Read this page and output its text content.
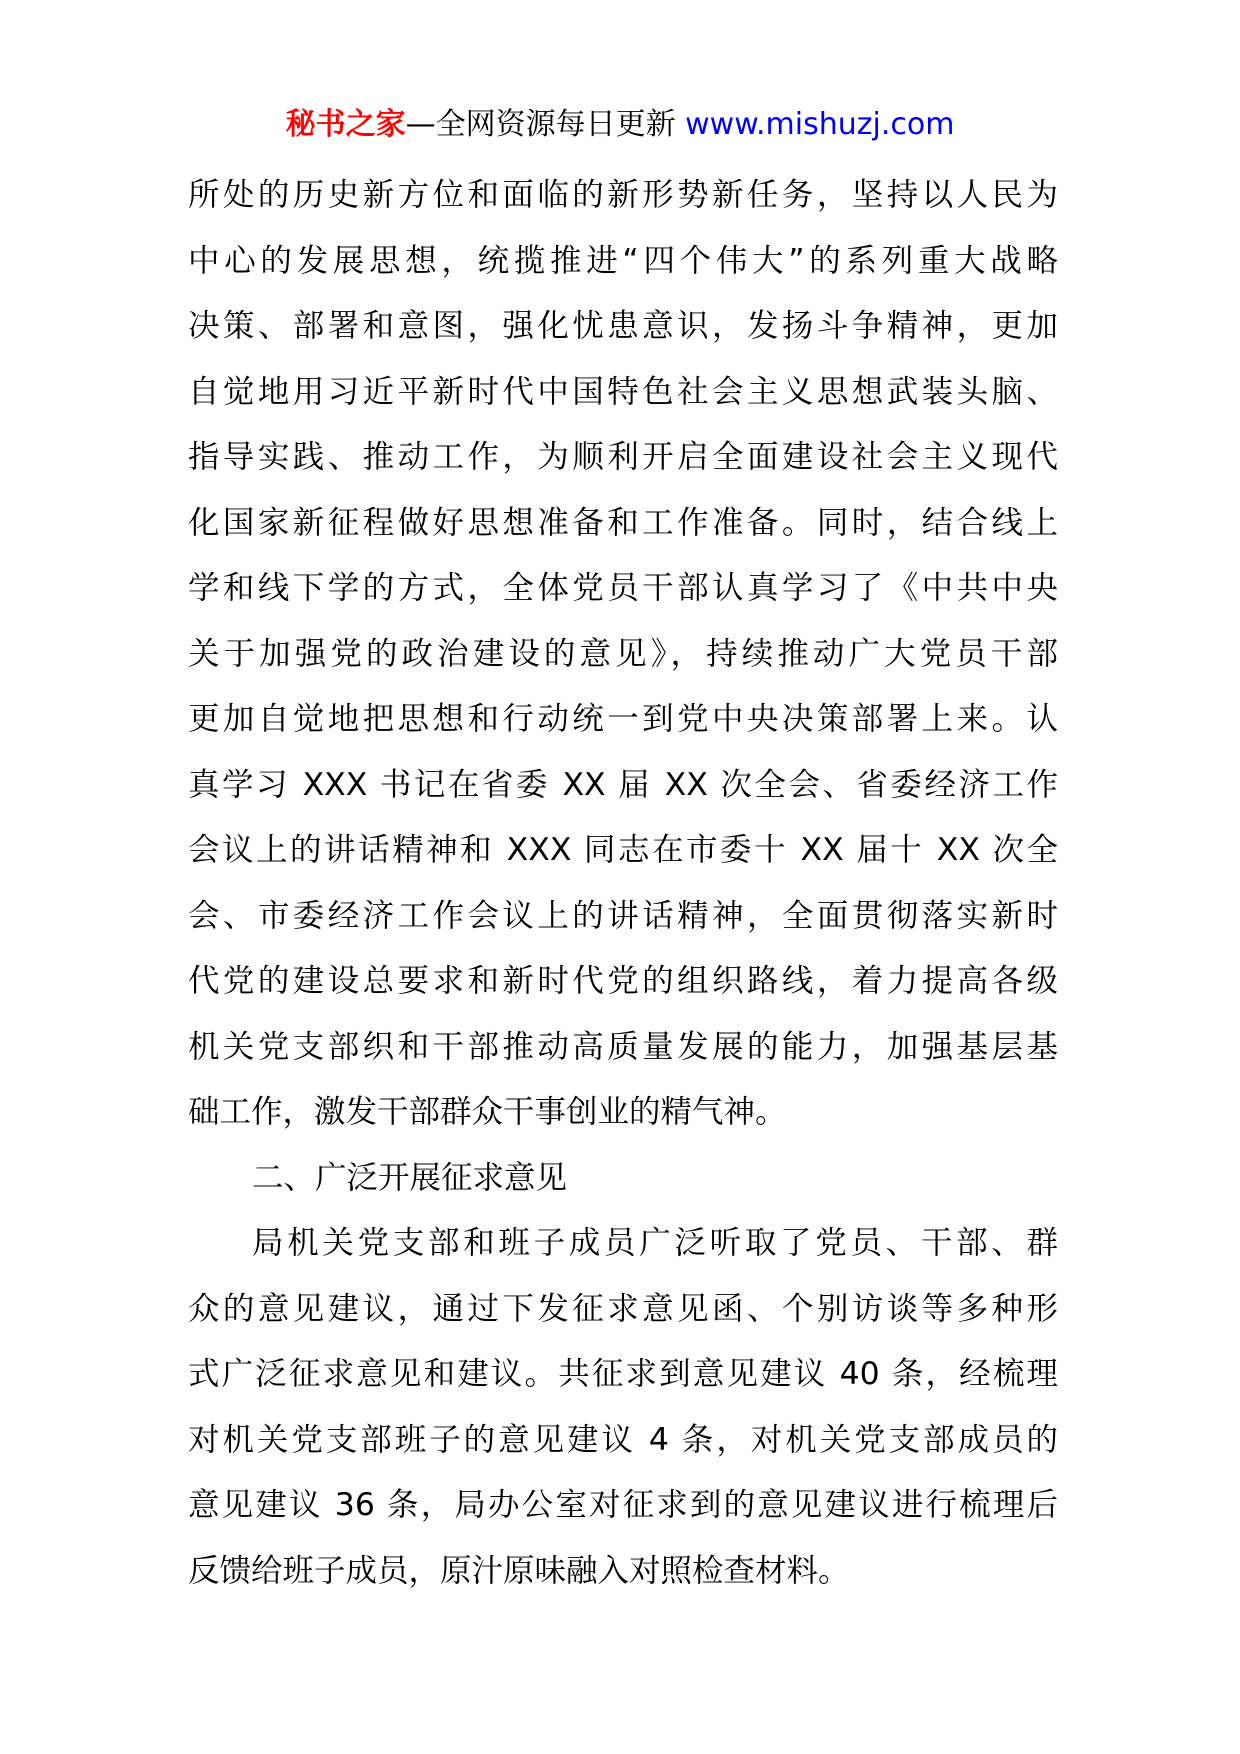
秘书之家—全网资源每日更新 www.mishuzj.com
所处的历史新方位和面临的新形势新任务，坚持以人民为
中心的发展思想，统揽推进“四个伟大”的系列重大战略
决策、部署和意图，强化忧患意识，发扬斗争精神，更加
自觉地用习近平新时代中国特色社会主义思想武装头脑、
指导实践、推动工作，为顺利开启全面建设社会主义现代
化国家新征程做好思想准备和工作准备。同时，结合线上
学和线下学的方式，全体党员干部认真学习了《中共中央
关于加强党的政治建设的意见》，持续推动广大党员干部
更加自觉地把思想和行动统一到党中央决策部署上来。认
真学习 XXX 书记在省委 XX 届 XX 次全会、省委经济工作
会议上的讲话精神和 XXX 同志在市委十 XX 届十 XX 次全
会、市委经济工作会议上的讲话精神，全面贯彻落实新时
代党的建设总要求和新时代党的组织路线，着力提高各级
机关党支部织和干部推动高质量发展的能力，加强基层基
础工作，激发干部群众干事创业的精气神。
二、广泛开展征求意见
局机关党支部和班子成员广泛听取了党员、干部、群
众的意见建议，通过下发征求意见函、个别访谈等多种形
式广泛征求意见和建议。共征求到意见建议 40 条，经梳理
对机关党支部班子的意见建议 4 条，对机关党支部成员的
意见建议 36 条，局办公室对征求到的意见建议进行梳理后
反馈给班子成员，原汁原味融入对照检查材料。
